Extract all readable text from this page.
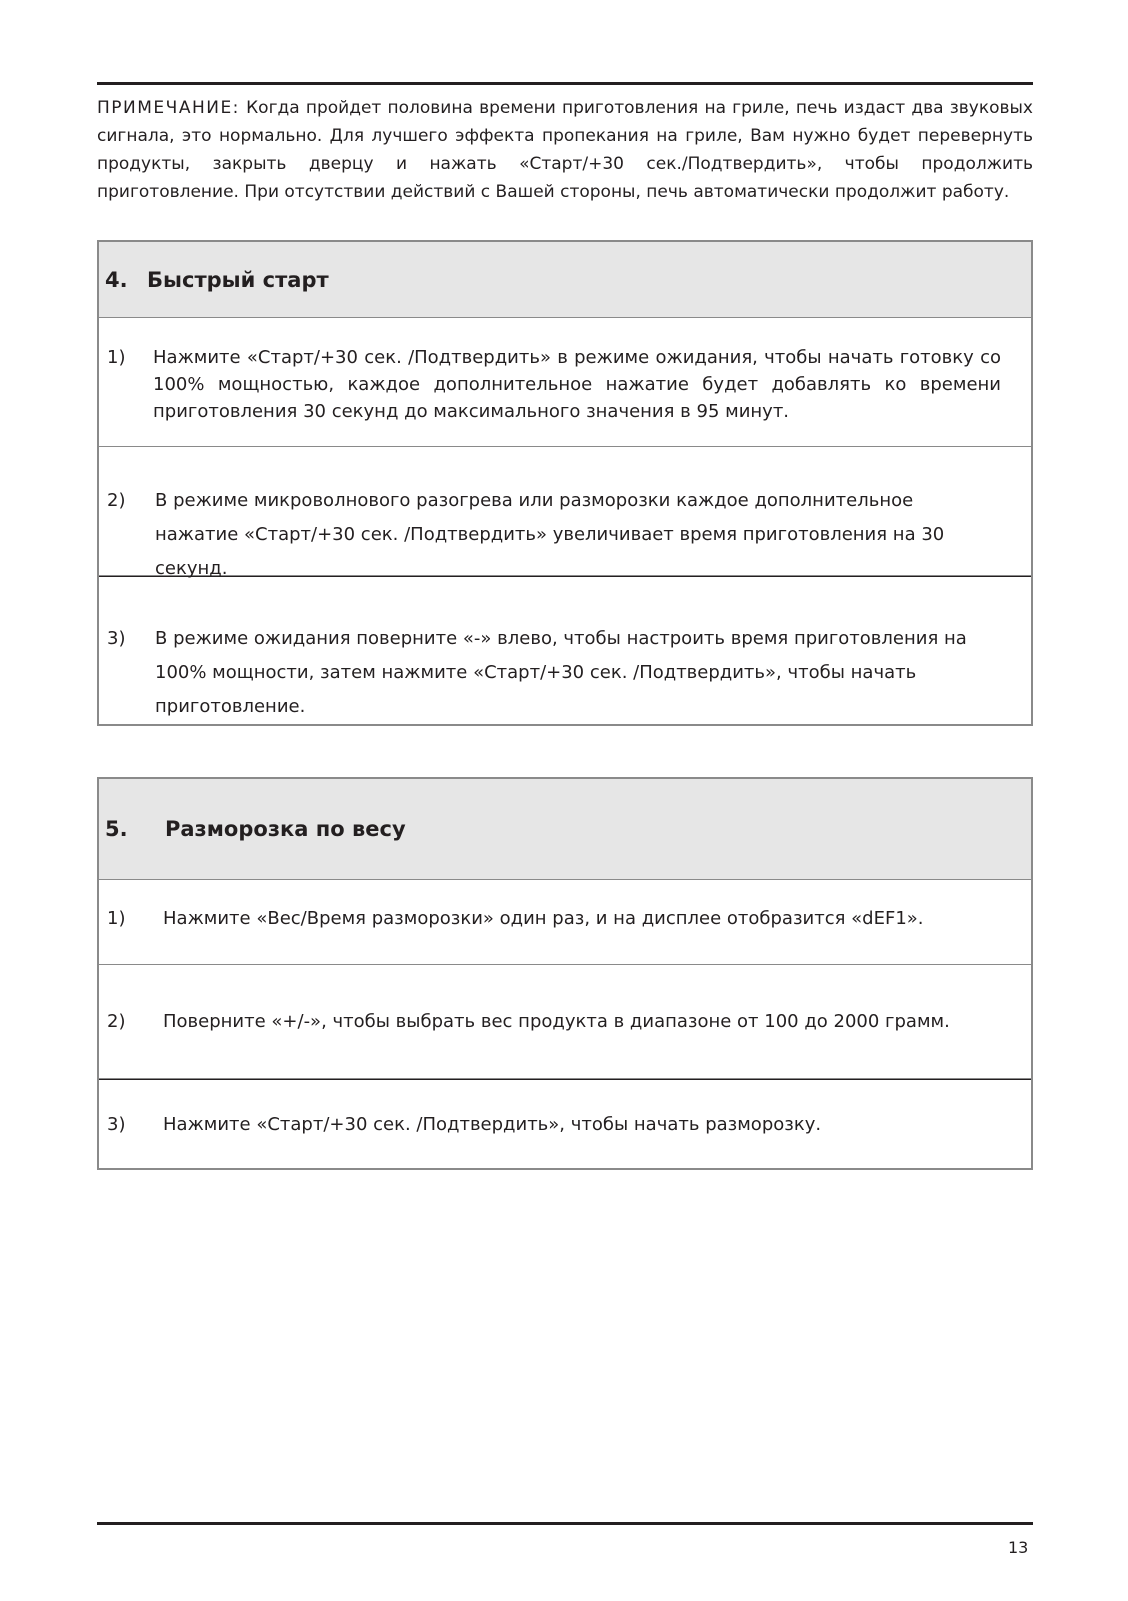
ПРИМЕЧАНИЕ: Когда пройдет половина времени приготовления на гриле, печь издаст два звуковых сигнала, это нормально. Для лучшего эффекта пропекания на гриле, Вам нужно будет перевернуть продукты, закрыть дверцу и нажать «Старт/+30 сек./Подтвердить», чтобы продолжить приготовление. При отсутствии действий с Вашей стороны, печь автоматически продолжит работу.

4. Быстрый старт
1) Нажмите «Старт/+30 сек. /Подтвердить» в режиме ожидания, чтобы начать готовку со 100% мощностью, каждое дополнительное нажатие будет добавлять ко времени приготовления 30 секунд до максимального значения в 95 минут.
2) В режиме микроволнового разогрева или разморозки каждое дополнительное нажатие «Старт/+30 сек. /Подтвердить» увеличивает время приготовления на 30 секунд.
3) В режиме ожидания поверните «-» влево, чтобы настроить время приготовления на 100% мощности, затем нажмите «Старт/+30 сек. /Подтвердить», чтобы начать приготовление.
5.	Разморозка по весу
1) Нажмите «Вес/Время разморозки» один раз, и на дисплее отобразится «dEF1».
2) Поверните «+/-», чтобы выбрать вес продукта в диапазоне от 100 до 2000 грамм.
3) Нажмите «Старт/+30 сек. /Подтвердить», чтобы начать разморозку.
13
